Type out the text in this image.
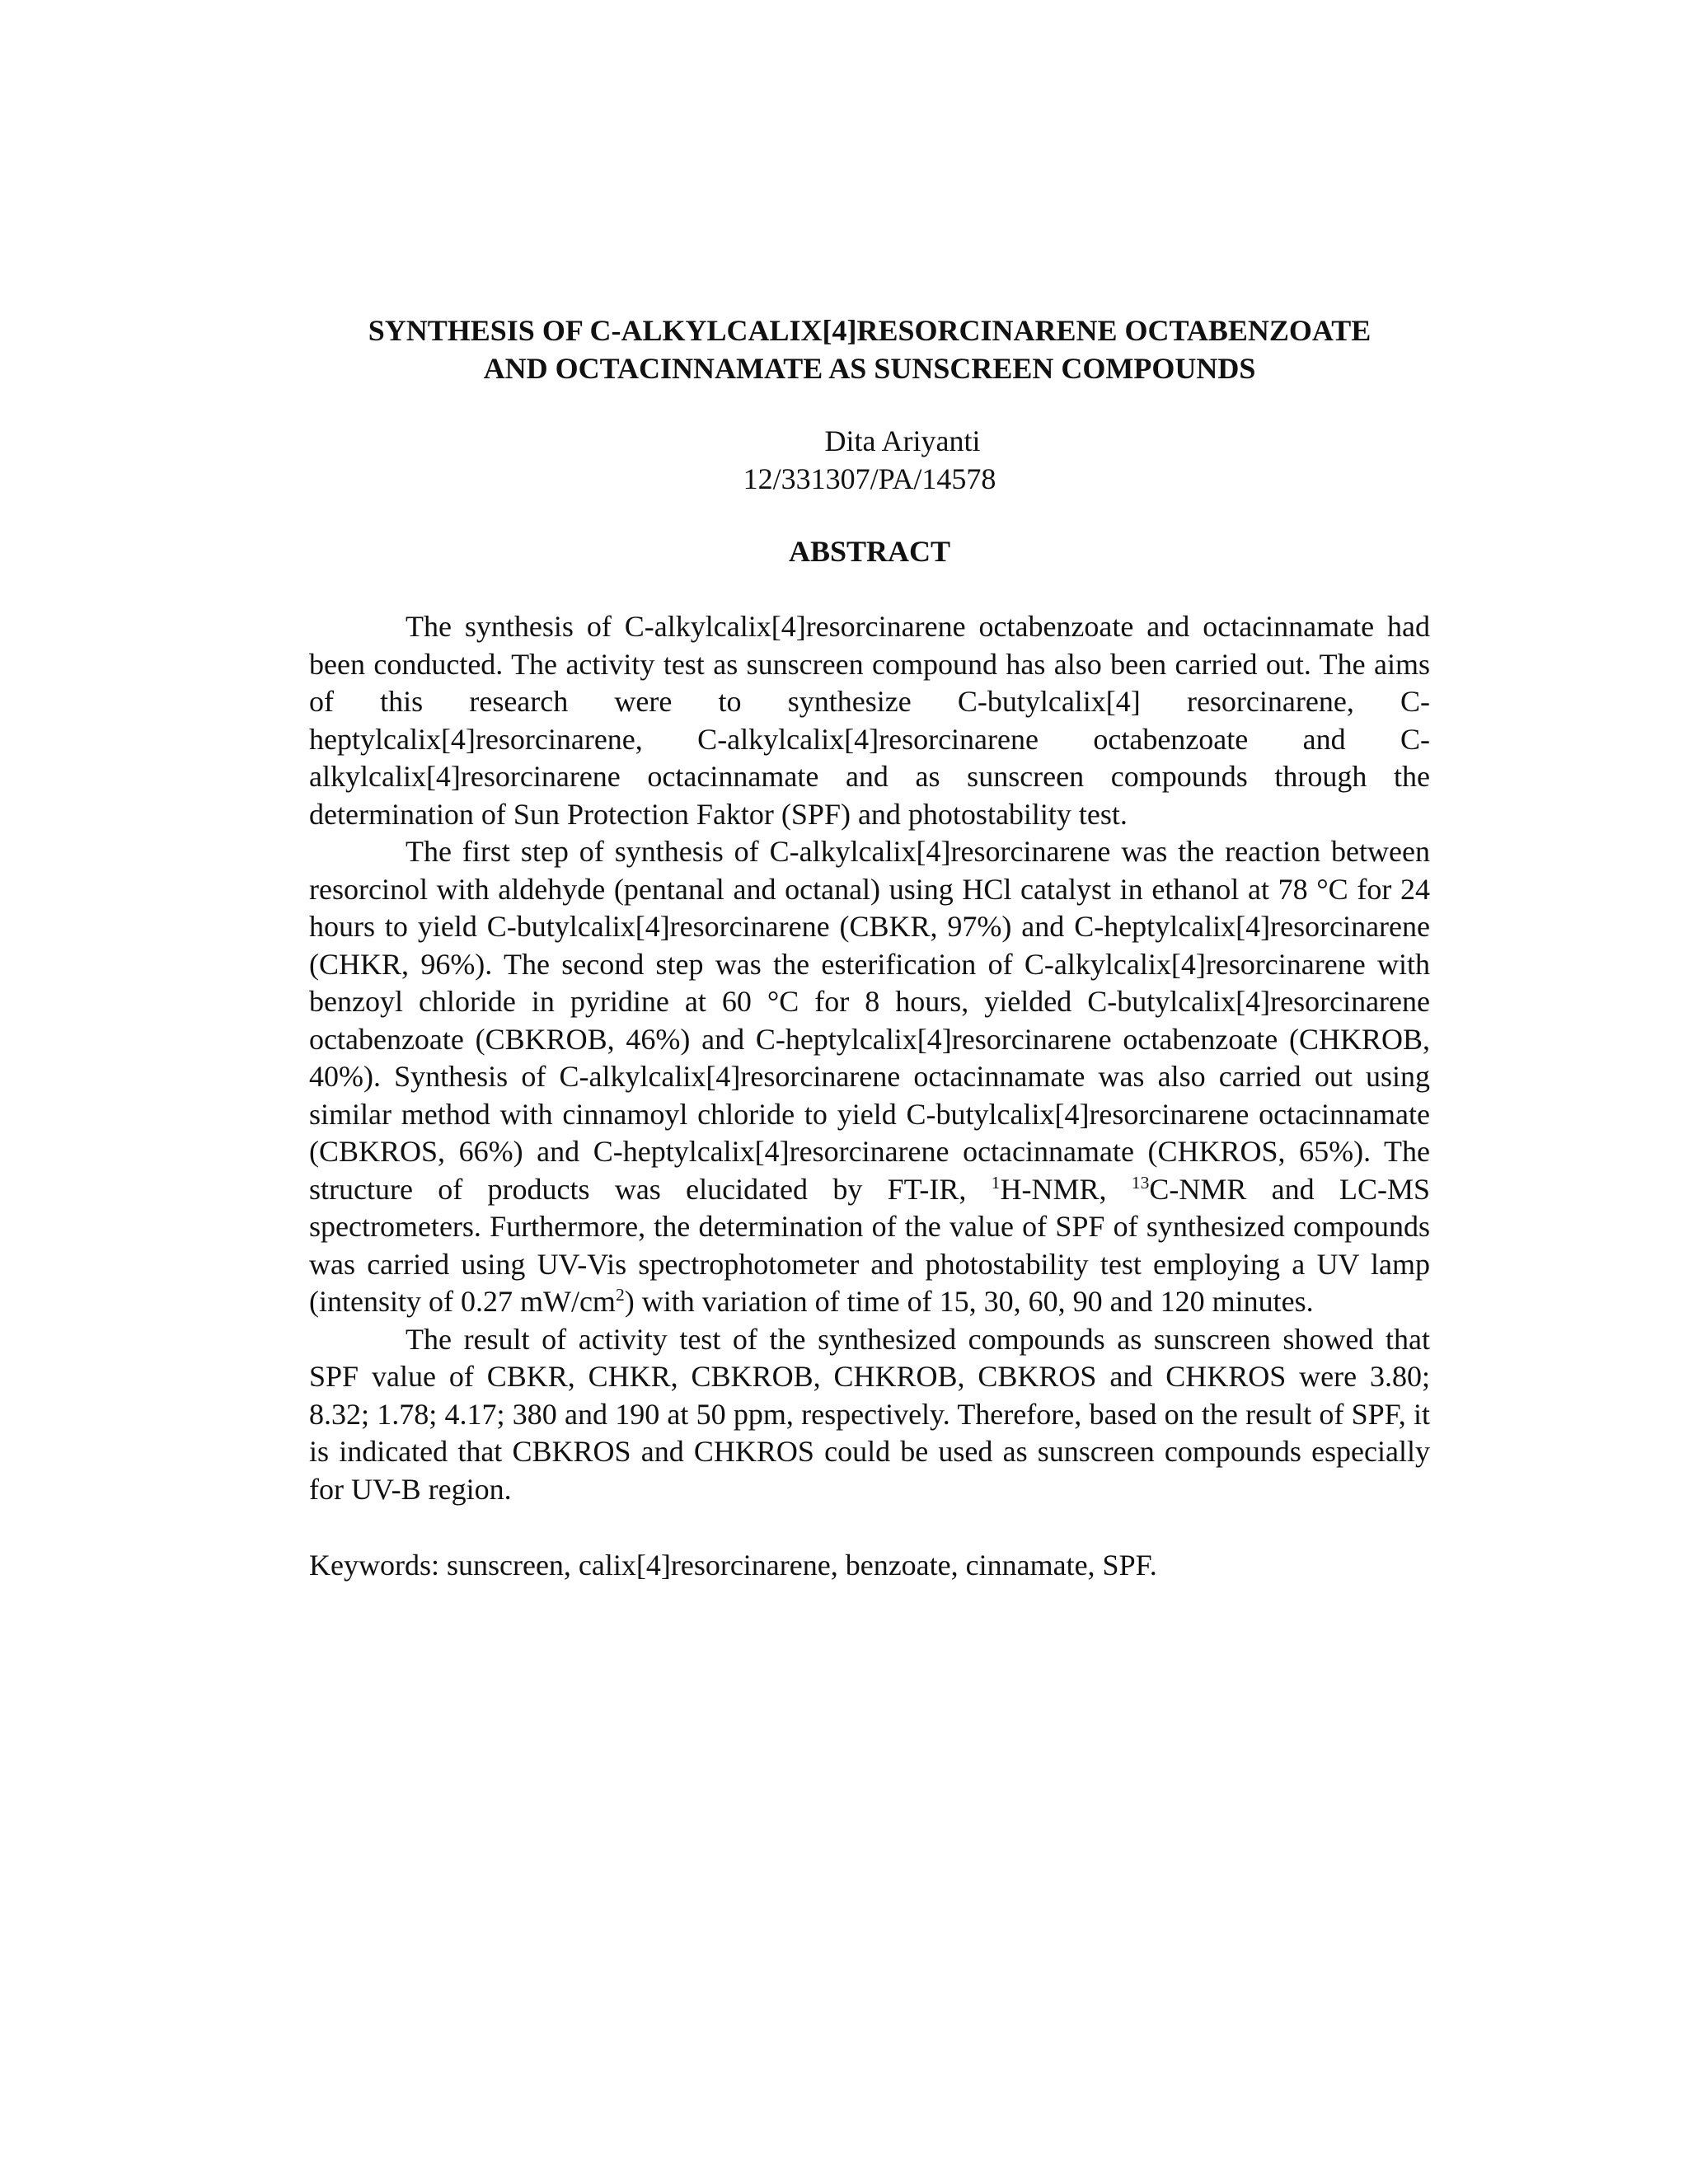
SYNTHESIS OF C-ALKYLCALIX[4]RESORCINARENE OCTABENZOATE
AND OCTACINNAMATE AS SUNSCREEN COMPOUNDS
Dita Ariyanti
12/331307/PA/14578
ABSTRACT

The synthesis of C-alkylcalix[4]resorcinarene octabenzoate and octacinnamate had been conducted. The activity test as sunscreen compound has also been carried out. The aims of this research were to synthesize C-butylcalix[4] resorcinarene, C-heptylcalix[4]resorcinarene, C-alkylcalix[4]resorcinarene octabenzoate and C-alkylcalix[4]resorcinarene octacinnamate and as sunscreen compounds through the determination of Sun Protection Faktor (SPF) and photostability test.

The first step of synthesis of C-alkylcalix[4]resorcinarene was the reaction between resorcinol with aldehyde (pentanal and octanal) using HCl catalyst in ethanol at 78 °C for 24 hours to yield C-butylcalix[4]resorcinarene (CBKR, 97%) and C-heptylcalix[4]resorcinarene (CHKR, 96%). The second step was the esterification of C-alkylcalix[4]resorcinarene with benzoyl chloride in pyridine at 60 °C for 8 hours, yielded C-butylcalix[4]resorcinarene octabenzoate (CBKROB, 46%) and C-heptylcalix[4]resorcinarene octabenzoate (CHKROB, 40%). Synthesis of C-alkylcalix[4]resorcinarene octacinnamate was also carried out using similar method with cinnamoyl chloride to yield C-butylcalix[4]resorcinarene octacinnamate (CBKROS, 66%) and C-heptylcalix[4]resorcinarene octacinnamate (CHKROS, 65%). The structure of products was elucidated by FT-IR, $^1$H-NMR, $^{13}$C-NMR and LC-MS spectrometers. Furthermore, the determination of the value of SPF of synthesized compounds was carried using UV-Vis spectrophotometer and photostability test employing a UV lamp (intensity of 0.27 $mW/cm^2$) with variation of time of 15, 30, 60, 90 and 120 minutes.

The result of activity test of the synthesized compounds as sunscreen showed that SPF value of CBKR, CHKR, CBKROB, CHKROB, CBKROS and CHKROS were 3.80; 8.32; 1.78; 4.17; 380 and 190 at 50 ppm, respectively. Therefore, based on the result of SPF, it is indicated that CBKROS and CHKROS could be used as sunscreen compounds especially for UV-B region.

Keywords: sunscreen, calix[4]resorcinarene, benzoate, cinnamate, SPF.
